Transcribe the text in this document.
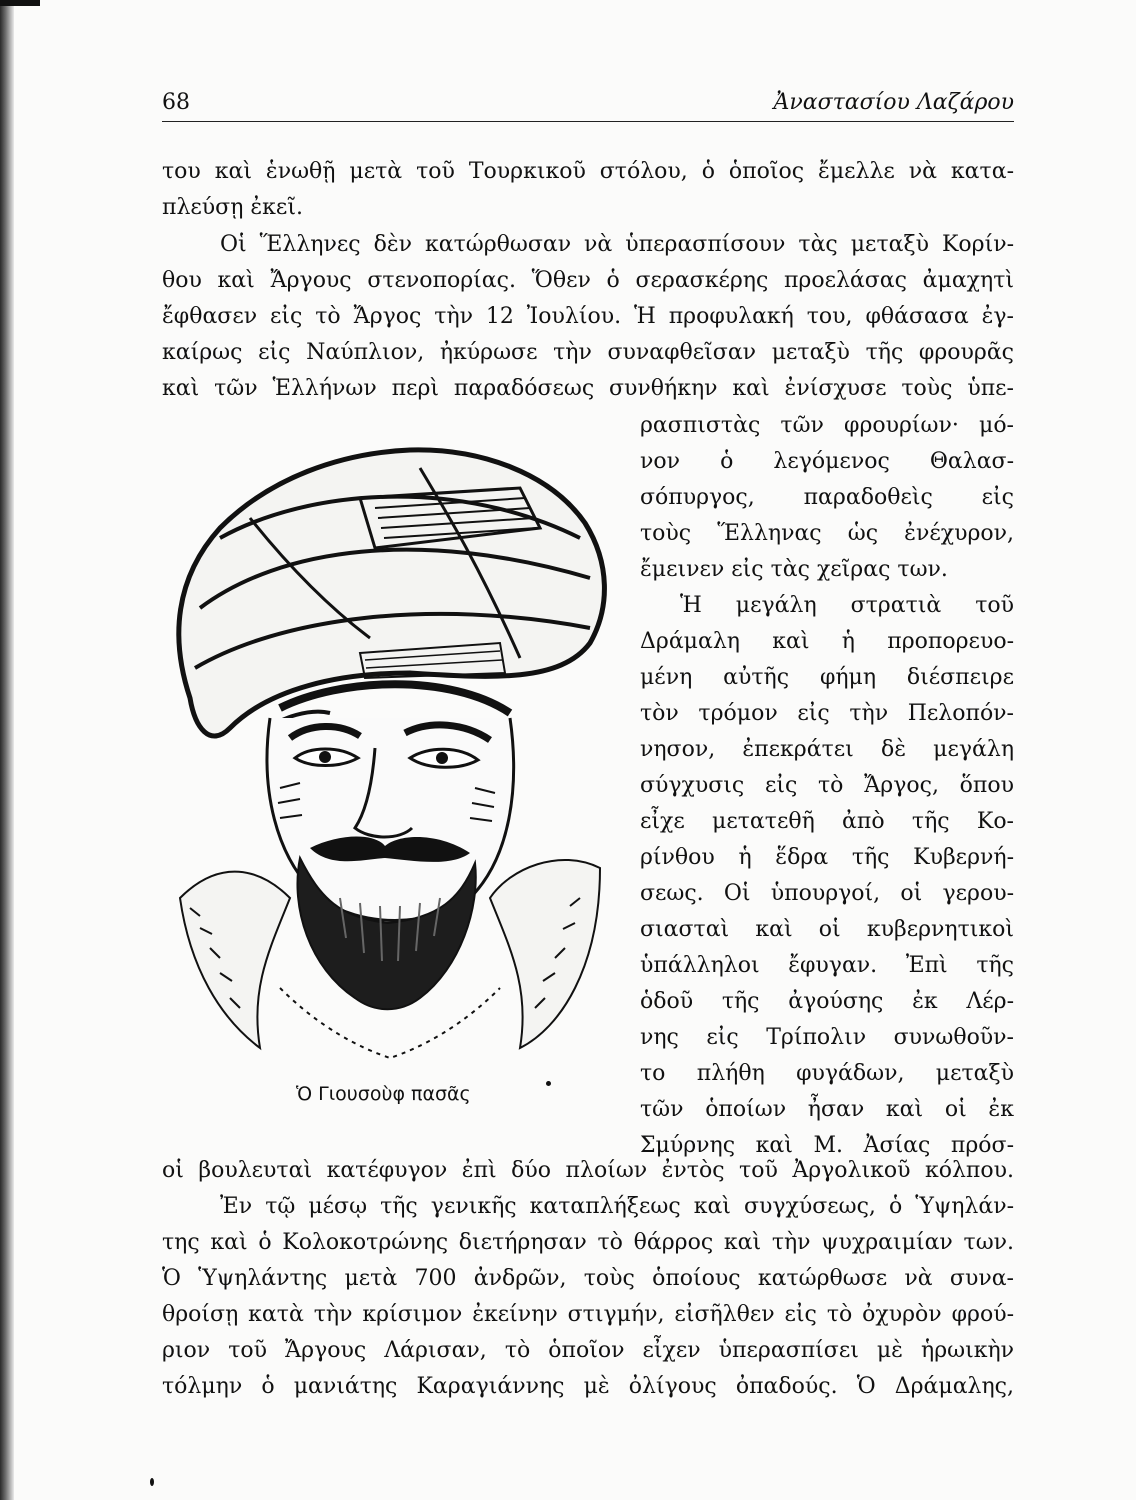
68	Ἀναστασίου Λαζάρου
του καὶ ἑνωθῇ μετὰ τοῦ Τουρκικοῦ στόλου, ὁ ὁποῖος ἔμελλε νὰ κατα-
πλεύσῃ ἐκεῖ.
Οἱ Ἕλληνες δὲν κατώρθωσαν νὰ ὑπερασπίσουν τὰς μεταξὺ Κορίν-
θου καὶ Ἄργους στενοπορίας. Ὅθεν ὁ σερασκέρης προελάσας ἀμαχητὶ
ἔφθασεν εἰς τὸ Ἄργος τὴν 12 Ἰουλίου. Ἡ προφυλακή του, φθάσασα ἐγ-
καίρως εἰς Ναύπλιον, ἠκύρωσε τὴν συναφθεῖσαν μεταξὺ τῆς φρουρᾶς
καὶ τῶν Ἑλλήνων περὶ παραδόσεως συνθήκην καὶ ἐνίσχυσε τοὺς ὑπε-
ρασπιστὰς τῶν φρουρίων· μό-
νον ὁ λεγόμενος Θαλασ-
σόπυργος, παραδοθεὶς εἰς
τοὺς Ἕλληνας ὡς ἐνέχυρον,
ἔμεινεν εἰς τὰς χεῖρας των.
Ἡ μεγάλη στρατιὰ τοῦ
Δράμαλη καὶ ἡ προπορευο-
μένη αὐτῆς φήμη διέσπειρε
τὸν τρόμον εἰς τὴν Πελοπόν-
νησον, ἐπεκράτει δὲ μεγάλη
σύγχυσις εἰς τὸ Ἄργος, ὅπου
εἶχε μετατεθῆ ἀπὸ τῆς Κο-
ρίνθου ἡ ἕδρα τῆς Κυβερνή-
σεως. Οἱ ὑπουργοί, οἱ γερου-
σιασταὶ καὶ οἱ κυβερνητικοὶ
ὑπάλληλοι ἔφυγαν. Ἐπὶ τῆς
ὁδοῦ τῆς ἀγούσης ἐκ Λέρ-
νης εἰς Τρίπολιν συνωθοῦν-
το πλήθη φυγάδων, μεταξὺ
τῶν ὁποίων ἦσαν καὶ οἱ ἐκ
Σμύρνης καὶ Μ. Ἀσίας πρόσ-
Ὁ Γιουσοὺφ πασᾶς
οἱ βουλευταὶ κατέφυγον ἐπὶ δύο πλοίων ἐντὸς τοῦ Ἀργολικοῦ κόλπου.
Ἐν τῷ μέσῳ τῆς γενικῆς καταπλήξεως καὶ συγχύσεως, ὁ Ὑψηλάν-
της καὶ ὁ Κολοκοτρώνης διετήρησαν τὸ θάρρος καὶ τὴν ψυχραιμίαν των.
Ὁ Ὑψηλάντης μετὰ 700 ἀνδρῶν, τοὺς ὁποίους κατώρθωσε νὰ συνα-
θροίσῃ κατὰ τὴν κρίσιμον ἐκείνην στιγμήν, εἰσῆλθεν εἰς τὸ ὀχυρὸν φρού-
ριον τοῦ Ἄργους Λάρισαν, τὸ ὁποῖον εἶχεν ὑπερασπίσει μὲ ἡρωικὴν
τόλμην ὁ μανιάτης Καραγιάννης μὲ ὀλίγους ὀπαδούς. Ὁ Δράμαλης,
